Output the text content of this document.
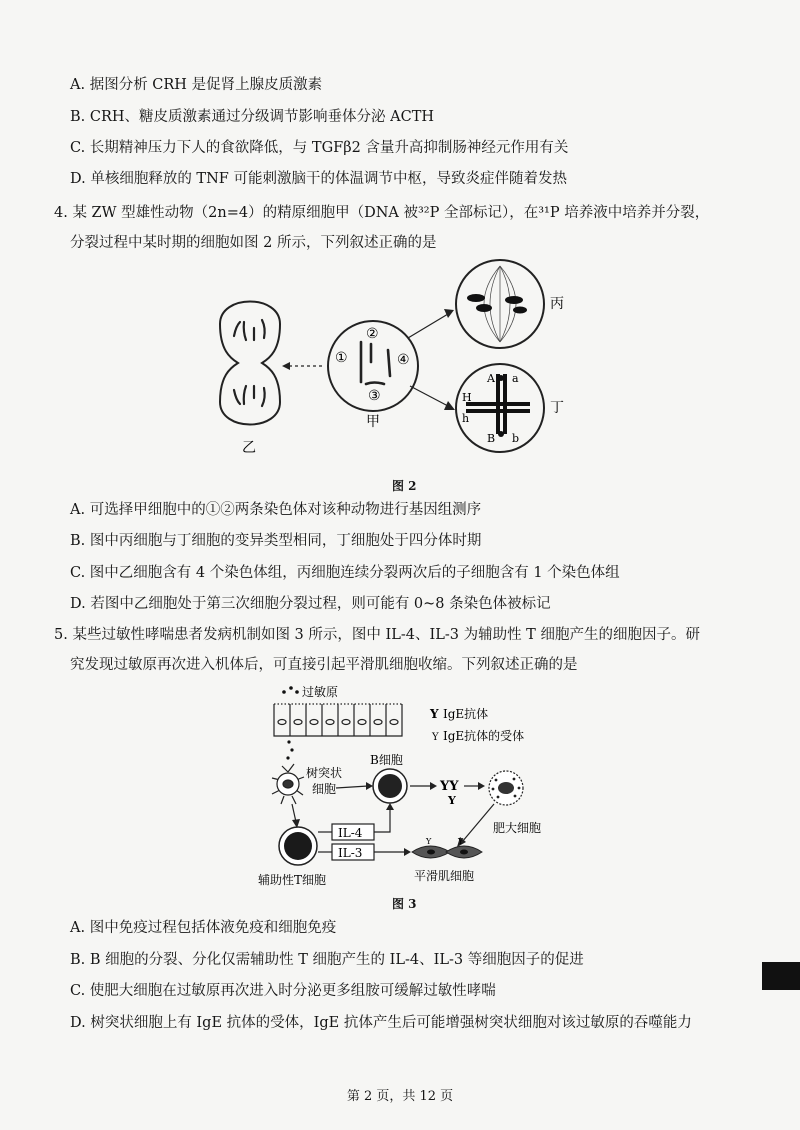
A. 据图分析 CRH 是促肾上腺皮质激素
B. CRH、糖皮质激素通过分级调节影响垂体分泌 ACTH
C. 长期精神压力下人的食欲降低，与 TGFβ2 含量升高抑制肠神经元作用有关
D. 单核细胞释放的 TNF 可能刺激脑干的体温调节中枢，导致炎症伴随着发热
4. 某 ZW 型雄性动物（2n=4）的精原细胞甲（DNA 被³²P 全部标记），在³¹P 培养液中培养并分裂，
分裂过程中某时期的细胞如图 2 所示，下列叙述正确的是
乙
①
②
③
④
甲
丙
A a
H
h
B b
丁
图 2
A. 可选择甲细胞中的①②两条染色体对该种动物进行基因组测序
B. 图中丙细胞与丁细胞的变异类型相同，丁细胞处于四分体时期
C. 图中乙细胞含有 4 个染色体组，丙细胞连续分裂两次后的子细胞含有 1 个染色体组
D. 若图中乙细胞处于第三次细胞分裂过程，则可能有 0~8 条染色体被标记
5. 某些过敏性哮喘患者发病机制如图 3 所示，图中 IL-4、IL-3 为辅助性 T 细胞产生的细胞因子。研
究发现过敏原再次进入机体后，可直接引起平滑肌细胞收缩。下列叙述正确的是
过敏原
Y IgE抗体
Y IgE抗体的受体
树突状
细胞
B细胞
YY
Y
肥大细胞
辅助性T细胞
IL-4
IL-3
Y	Y
平滑肌细胞
图 3
A. 图中免疫过程包括体液免疫和细胞免疫
B. B 细胞的分裂、分化仅需辅助性 T 细胞产生的 IL-4、IL-3 等细胞因子的促进
C. 使肥大细胞在过敏原再次进入时分泌更多组胺可缓解过敏性哮喘
D. 树突状细胞上有 IgE 抗体的受体，IgE 抗体产生后可能增强树突状细胞对该过敏原的吞噬能力
第 2 页，共 12 页
